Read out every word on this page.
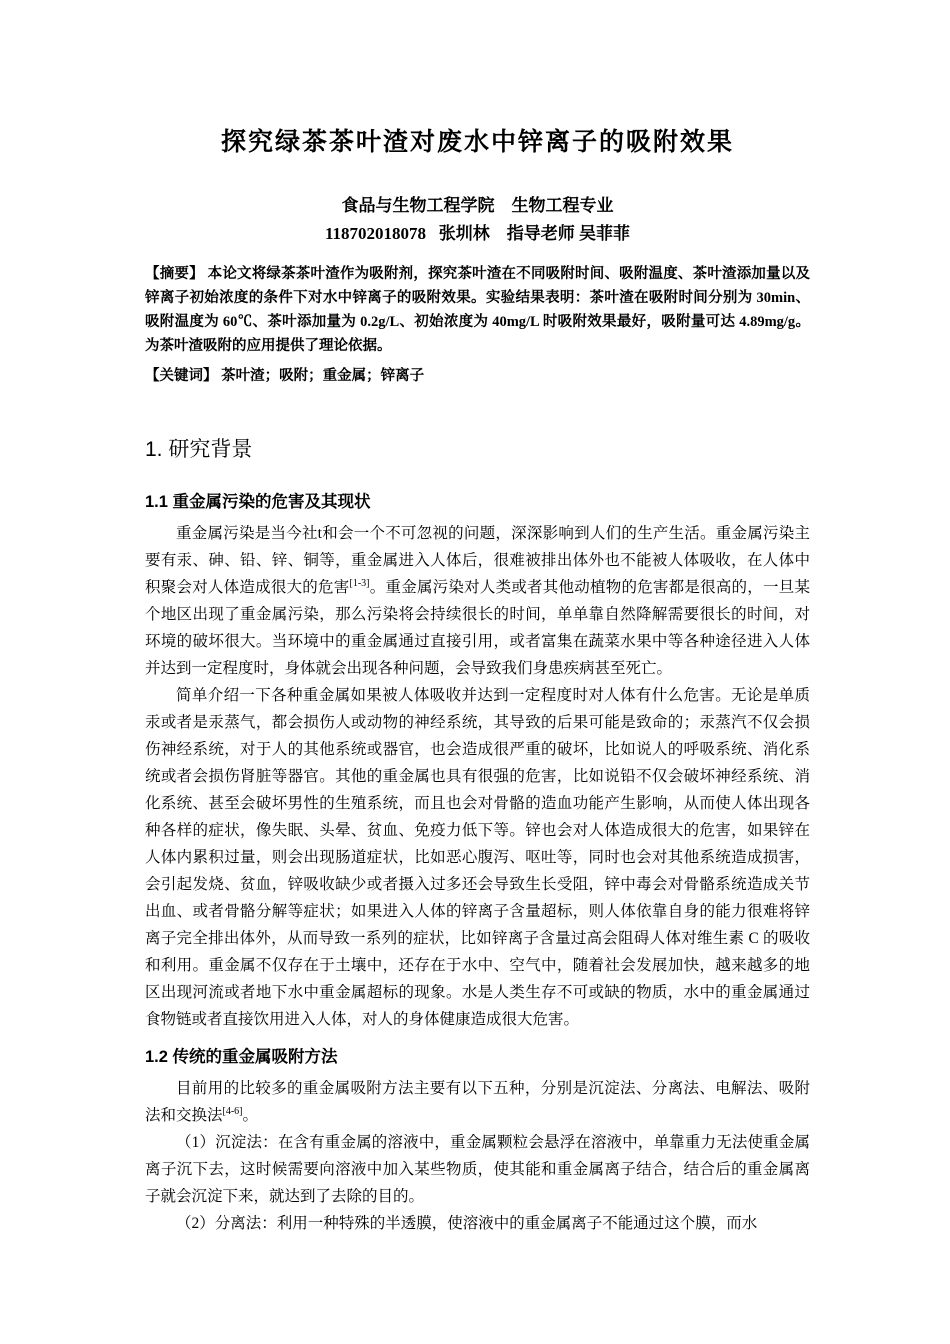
探究绿茶茶叶渣对废水中锌离子的吸附效果

食品与生物工程学院    生物工程专业

118702018078   张圳林    指导老师 吴菲菲

【摘要】 本论文将绿茶茶叶渣作为吸附剂，探究茶叶渣在不同吸附时间、吸附温度、茶叶渣添加量以及锌离子初始浓度的条件下对水中锌离子的吸附效果。实验结果表明：茶叶渣在吸附时间分别为 30min、吸附温度为 60℃、茶叶添加量为 0.2g/L、初始浓度为 40mg/L 时吸附效果最好，吸附量可达 4.89mg/g。为茶叶渣吸附的应用提供了理论依据。
【关键词】 茶叶渣；吸附；重金属；锌离子
1. 研究背景
1.1 重金属污染的危害及其现状

重金属污染是当今社t和会一个不可忽视的问题，深深影响到人们的生产生活。重金属污染主要有汞、砷、铅、锌、铜等，重金属进入人体后，很难被排出体外也不能被人体吸收，在人体中积聚会对人体造成很大的危害[1-3]。重金属污染对人类或者其他动植物的危害都是很高的，一旦某个地区出现了重金属污染，那么污染将会持续很长的时间，单单靠自然降解需要很长的时间，对环境的破坏很大。当环境中的重金属通过直接引用，或者富集在蔬菜水果中等各种途径进入人体并达到一定程度时，身体就会出现各种问题，会导致我们身患疾病甚至死亡。

简单介绍一下各种重金属如果被人体吸收并达到一定程度时对人体有什么危害。无论是单质汞或者是汞蒸气，都会损伤人或动物的神经系统，其导致的后果可能是致命的；汞蒸汽不仅会损伤神经系统，对于人的其他系统或器官，也会造成很严重的破坏，比如说人的呼吸系统、消化系统或者会损伤肾脏等器官。其他的重金属也具有很强的危害，比如说铅不仅会破坏神经系统、消化系统、甚至会破坏男性的生殖系统，而且也会对骨骼的造血功能产生影响，从而使人体出现各种各样的症状，像失眠、头晕、贫血、免疫力低下等。锌也会对人体造成很大的危害，如果锌在人体内累积过量，则会出现肠道症状，比如恶心腹泻、呕吐等，同时也会对其他系统造成损害，会引起发烧、贫血，锌吸收缺少或者摄入过多还会导致生长受阻，锌中毒会对骨骼系统造成关节出血、或者骨骼分解等症状；如果进入人体的锌离子含量超标，则人体依靠自身的能力很难将锌离子完全排出体外，从而导致一系列的症状，比如锌离子含量过高会阻碍人体对维生素 C 的吸收和利用。重金属不仅存在于土壤中，还存在于水中、空气中，随着社会发展加快，越来越多的地区出现河流或者地下水中重金属超标的现象。水是人类生存不可或缺的物质，水中的重金属通过食物链或者直接饮用进入人体，对人的身体健康造成很大危害。

1.2 传统的重金属吸附方法

目前用的比较多的重金属吸附方法主要有以下五种，分别是沉淀法、分离法、电解法、吸附法和交换法[4-6]。

（1）沉淀法：在含有重金属的溶液中，重金属颗粒会悬浮在溶液中，单靠重力无法使重金属离子沉下去，这时候需要向溶液中加入某些物质，使其能和重金属离子结合，结合后的重金属离子就会沉淀下来，就达到了去除的目的。

（2）分离法：利用一种特殊的半透膜，使溶液中的重金属离子不能通过这个膜，而水
